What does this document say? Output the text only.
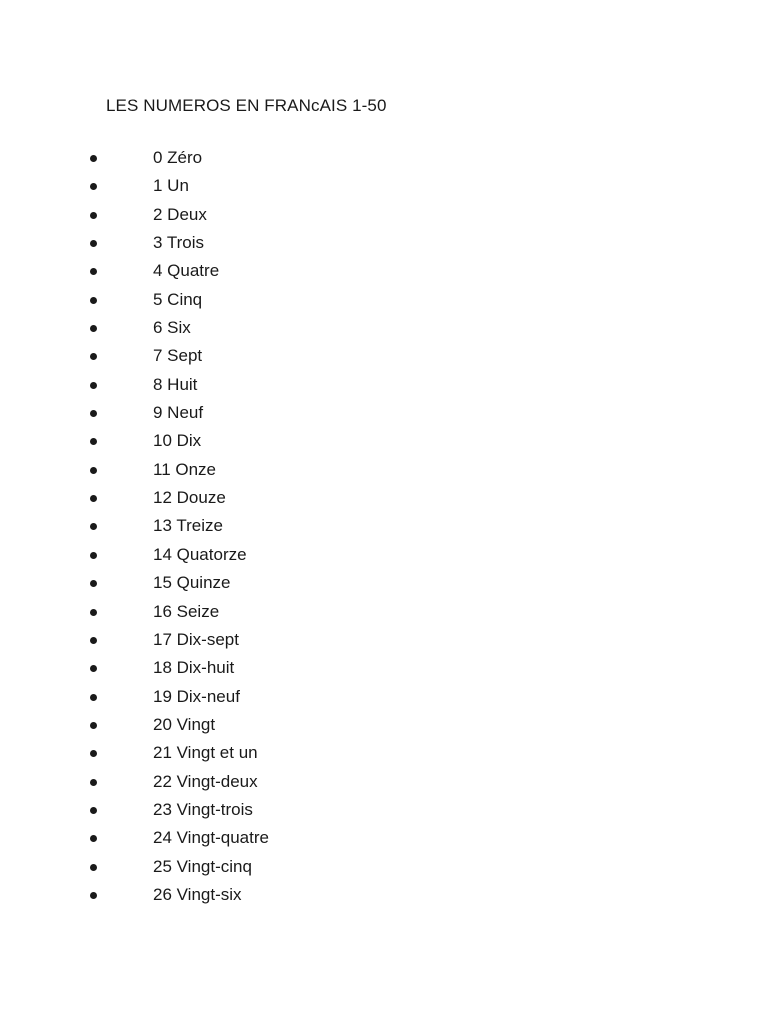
LES NUMEROS EN FRANcAIS 1-50
0 Zéro
1 Un
2 Deux
3 Trois
4 Quatre
5 Cinq
6 Six
7 Sept
8 Huit
9 Neuf
10 Dix
11 Onze
12 Douze
13 Treize
14 Quatorze
15 Quinze
16 Seize
17 Dix-sept
18 Dix-huit
19 Dix-neuf
20 Vingt
21 Vingt et un
22 Vingt-deux
23 Vingt-trois
24 Vingt-quatre
25 Vingt-cinq
26 Vingt-six
